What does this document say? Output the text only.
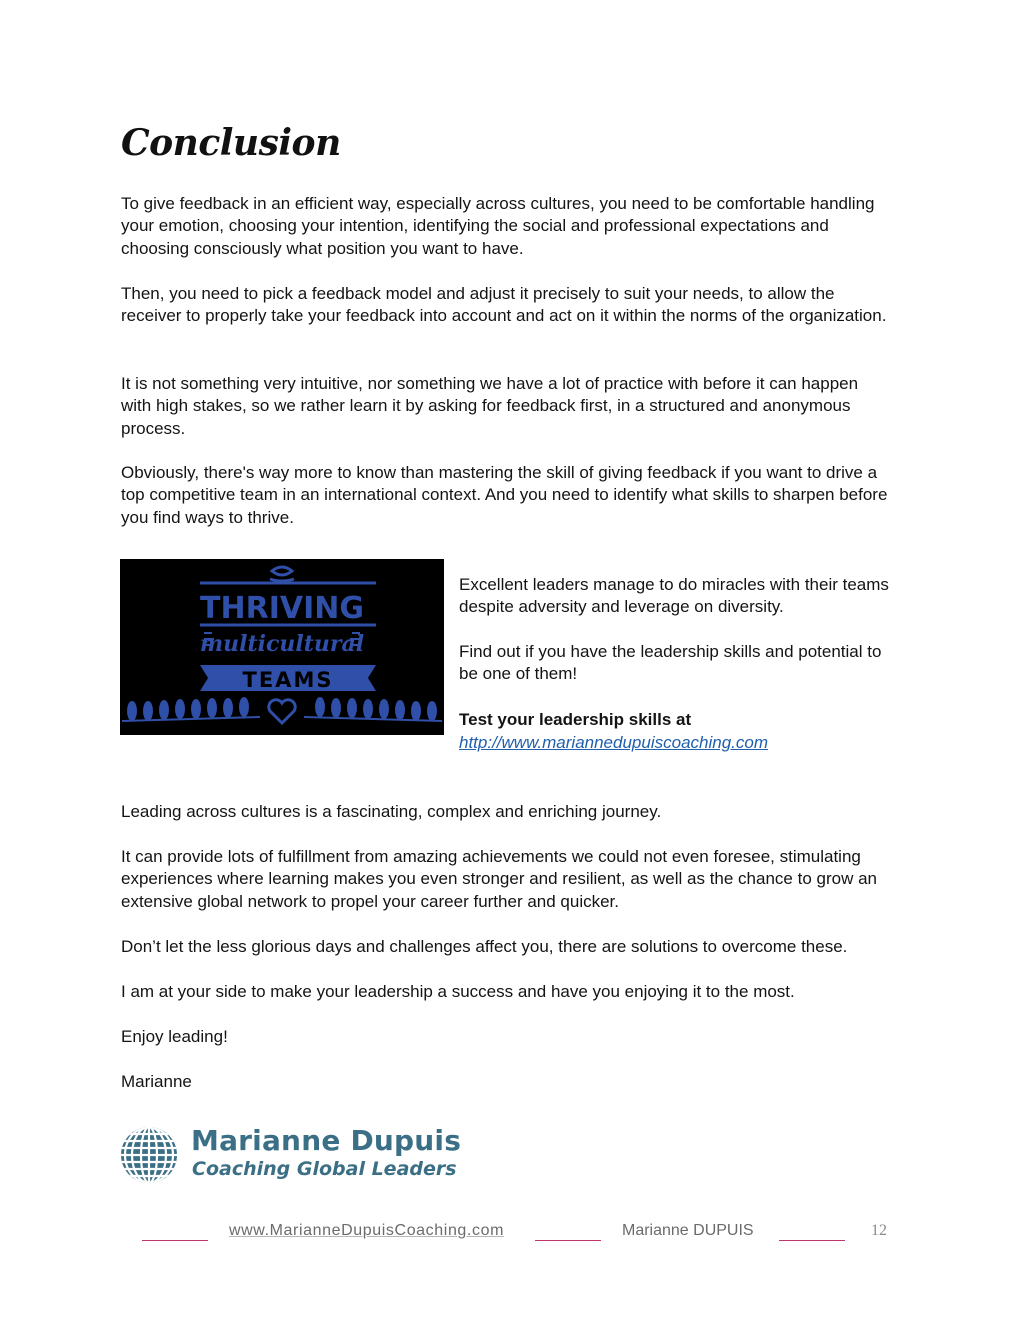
Conclusion

To give feedback in an efficient way, especially across cultures, you need to be comfortable handling your emotion, choosing your intention, identifying the social and professional expectations and choosing consciously what position you want to have.

Then, you need to pick a feedback model and adjust it precisely to suit your needs, to allow the receiver to properly take your feedback into account and act on it within the norms of the organization.

It is not something very intuitive, nor something we have a lot of practice with before it can happen with high stakes, so we rather learn it by asking for feedback first, in a structured and anonymous process.

Obviously, there's way more to know than mastering the skill of giving feedback if you want to drive a top competitive team in an international context. And you need to identify what skills to sharpen before you find ways to thrive.

THRIVING
multicultural
TEAMS

Excellent leaders manage to do miracles with their teams despite adversity and leverage on diversity.

Find out if you have the leadership skills and potential to be one of them!

Test your leadership skills at

http://www.mariannedupuiscoaching.com

Leading across cultures is a fascinating, complex and enriching journey.

It can provide lots of fulfillment from amazing achievements we could not even foresee, stimulating experiences where learning makes you even stronger and resilient, as well as the chance to grow an extensive global network to propel your career further and quicker.

Don’t let the less glorious days and challenges affect you, there are solutions to overcome these.

I am at your side to make your leadership a success and have you enjoying it to the most.

Enjoy leading!

Marianne

Marianne Dupuis
Coaching Global Leaders
www.MarianneDupuisCoaching.com	Marianne DUPUIS	12
